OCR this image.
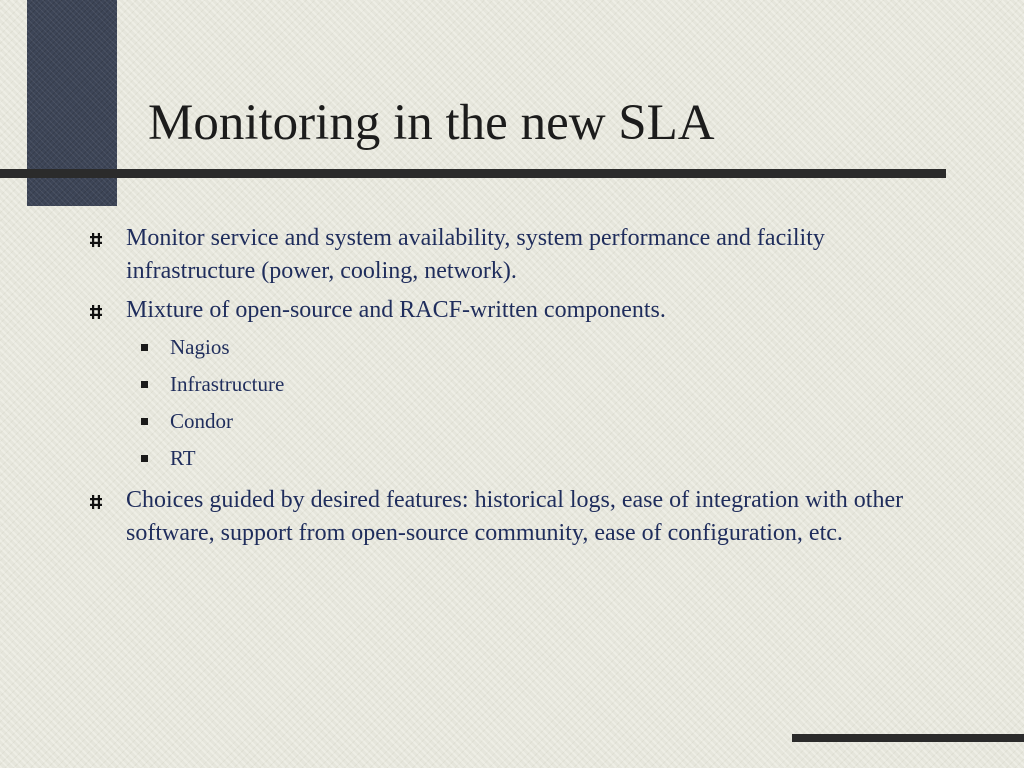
Monitoring in the new SLA
Monitor service and system availability, system performance and facility infrastructure (power, cooling, network).
Mixture of open-source and RACF-written components.
Nagios
Infrastructure
Condor
RT
Choices guided by desired features: historical logs, ease of integration with other software, support from open-source community, ease of configuration, etc.
